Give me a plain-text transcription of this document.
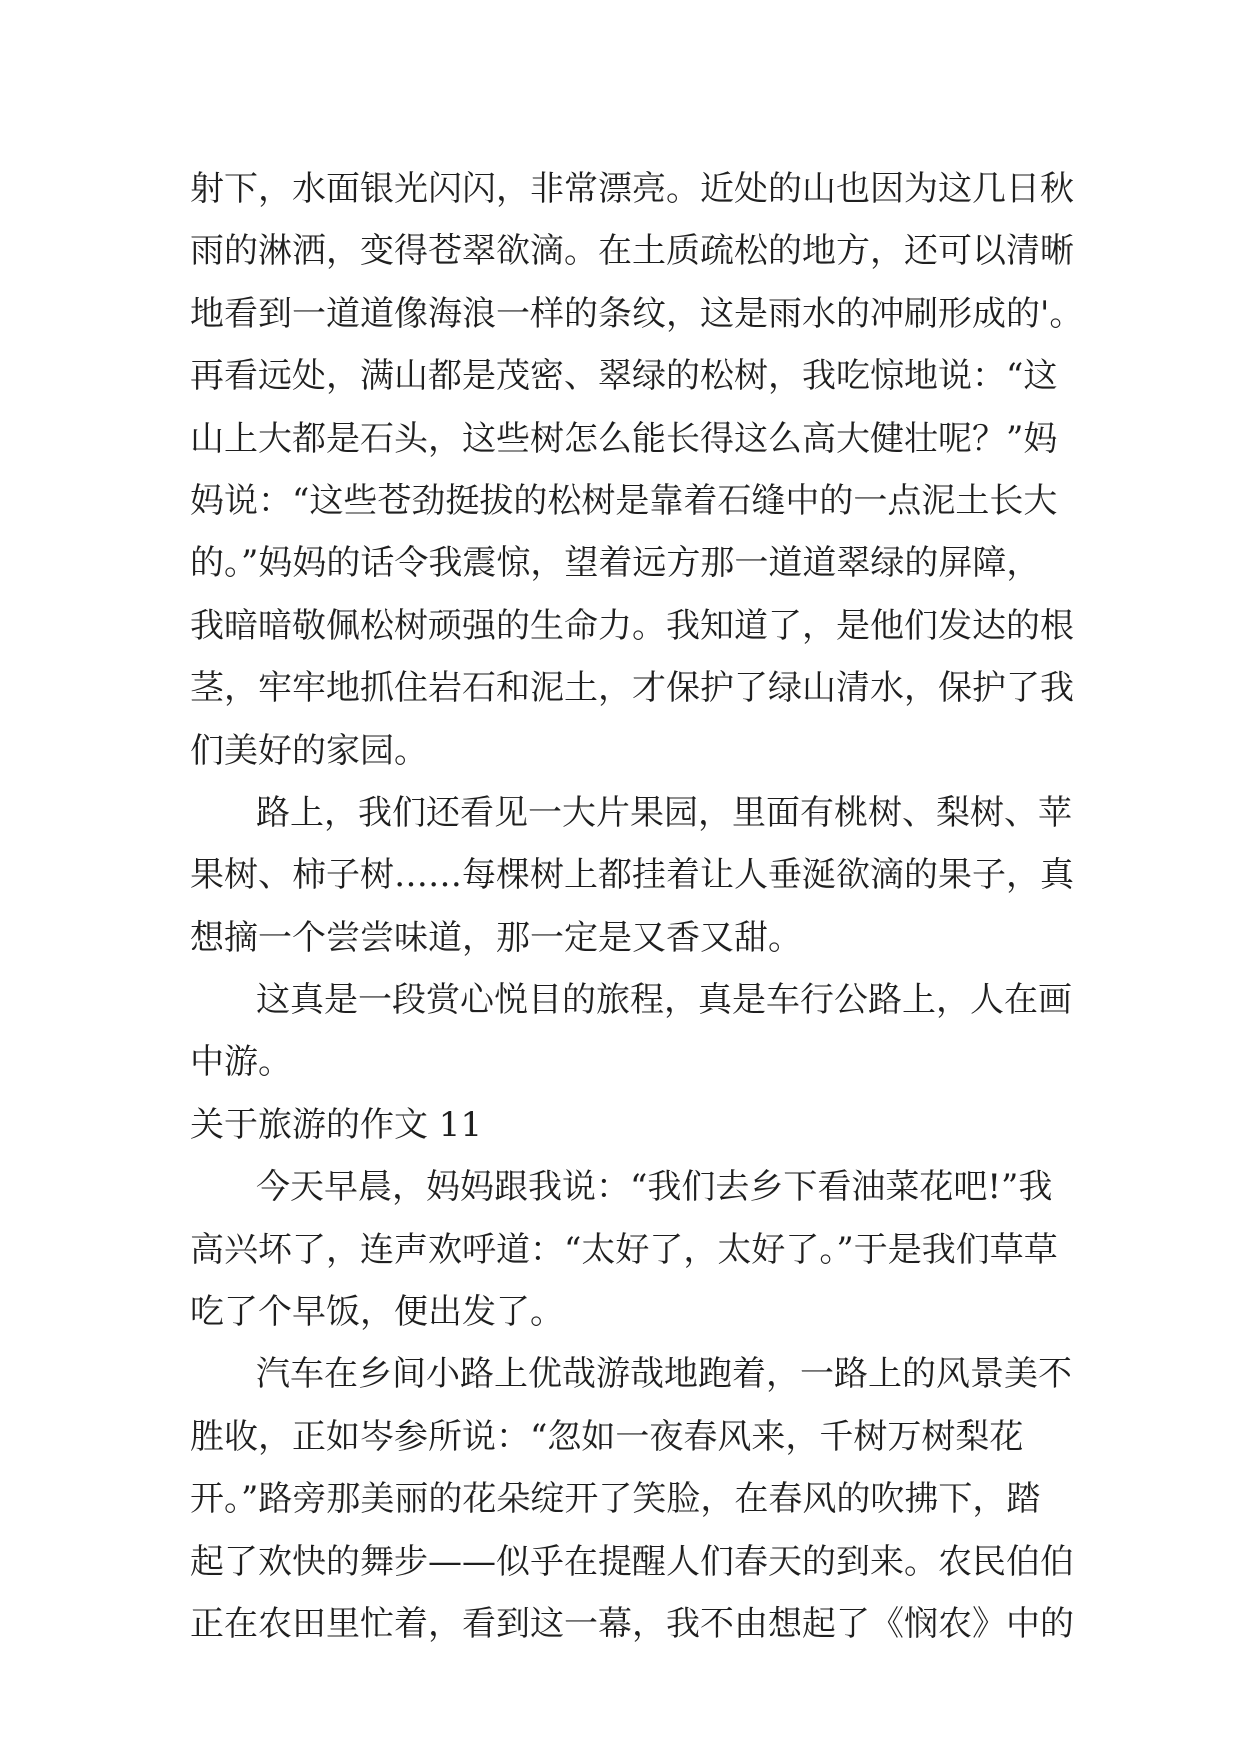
射下，水面银光闪闪，非常漂亮。近处的山也因为这几日秋
雨的淋洒，变得苍翠欲滴。在土质疏松的地方，还可以清晰
地看到一道道像海浪一样的条纹，这是雨水的冲刷形成的'。
再看远处，满山都是茂密、翠绿的松树，我吃惊地说：“这
山上大都是石头，这些树怎么能长得这么高大健壮呢？”妈
妈说：“这些苍劲挺拔的松树是靠着石缝中的一点泥土长大
的。”妈妈的话令我震惊，望着远方那一道道翠绿的屏障，
我暗暗敬佩松树顽强的生命力。我知道了，是他们发达的根
茎，牢牢地抓住岩石和泥土，才保护了绿山清水，保护了我
们美好的家园。
路上，我们还看见一大片果园，里面有桃树、梨树、苹
果树、柿子树……每棵树上都挂着让人垂涎欲滴的果子，真
想摘一个尝尝味道，那一定是又香又甜。
这真是一段赏心悦目的旅程，真是车行公路上，人在画
中游。
关于旅游的作文 11
今天早晨，妈妈跟我说：“我们去乡下看油菜花吧!”我
高兴坏了，连声欢呼道：“太好了，太好了。”于是我们草草
吃了个早饭，便出发了。
汽车在乡间小路上优哉游哉地跑着，一路上的风景美不
胜收，正如岑参所说：“忽如一夜春风来，千树万树梨花
开。”路旁那美丽的花朵绽开了笑脸，在春风的吹拂下，踏
起了欢快的舞步——似乎在提醒人们春天的到来。农民伯伯
正在农田里忙着，看到这一幕，我不由想起了《悯农》中的
